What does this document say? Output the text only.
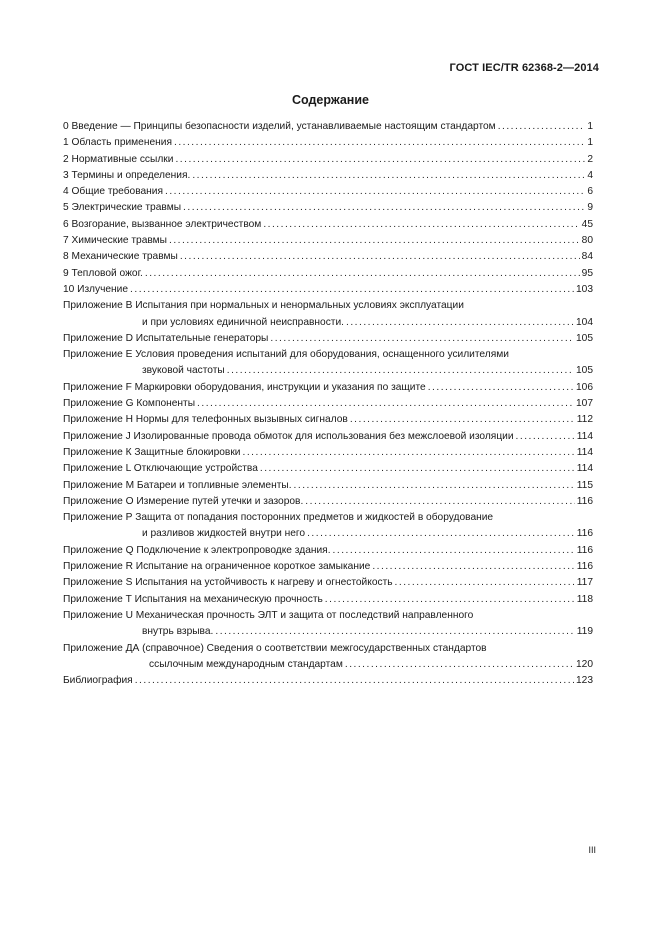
ГОСТ IEC/TR 62368-2—2014
Содержание
0 Введение — Принципы безопасности изделий, устанавливаемые настоящим стандартом .....	1
1 Область применения .....	1
2 Нормативные ссылки .....	2
3 Термины и определения. .....	4
4 Общие требования .....	6
5 Электрические травмы .....	9
6 Возгорание, вызванное электричеством .....	45
7 Химические травмы .....	80
8 Механические травмы .....	84
9 Тепловой ожог. .....	95
10 Излучение .....	103
Приложение В Испытания при нормальных и ненормальных условиях эксплуатации
и при условиях единичной неисправности. .....	104
Приложение D Испытательные генераторы .....	105
Приложение Е Условия проведения испытаний для оборудования, оснащенного усилителями
звуковой частоты .....	105
Приложение F Маркировки оборудования, инструкции и указания по защите .....	106
Приложение G Компоненты .....	107
Приложение Н Нормы для телефонных вызывных сигналов .....	112
Приложение J Изолированные провода обмоток для использования без межслоевой изоляции .....	114
Приложение К Защитные блокировки .....	114
Приложение L Отключающие устройства .....	114
Приложение М Батареи и топливные элементы. .....	115
Приложение О Измерение путей утечки и зазоров. .....	116
Приложение Р Защита от попадания посторонних предметов и жидкостей в оборудование
и разливов жидкостей внутри него .....	116
Приложение Q Подключение к электропроводке здания. .....	116
Приложение R Испытание на ограниченное короткое замыкание .....	116
Приложение S Испытания на устойчивость к нагреву и огнестойкость .....	117
Приложение Т Испытания на механическую прочность .....	118
Приложение U Механическая прочность ЭЛТ и защита от последствий направленного
внутрь взрыва. .....	119
Приложение ДА (справочное) Сведения о соответствии межгосударственных стандартов
ссылочным международным стандартам .....	120
Библиография .....	123
III
